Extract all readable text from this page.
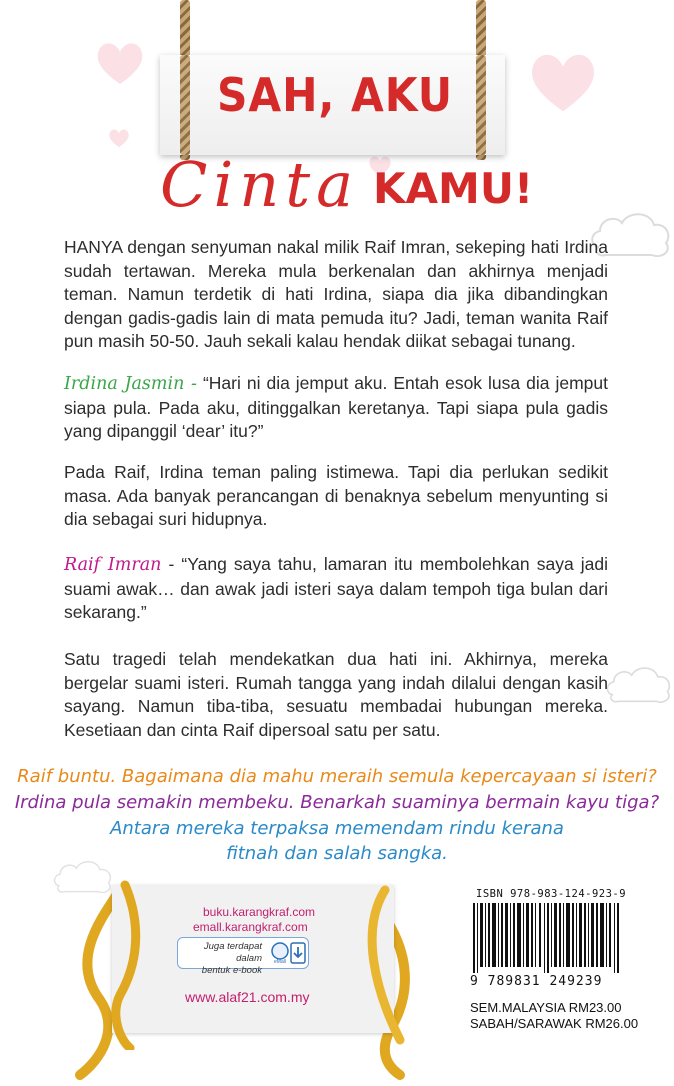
SAH, AKU
Cinta KAMU!
HANYA dengan senyuman nakal milik Raif Imran, sekeping hati Irdina sudah tertawan. Mereka mula berkenalan dan akhirnya menjadi teman. Namun terdetik di hati Irdina, siapa dia jika dibandingkan dengan gadis-gadis lain di mata pemuda itu? Jadi, teman wanita Raif pun masih 50-50. Jauh sekali kalau hendak diikat sebagai tunang.
Irdina Jasmin - “Hari ni dia jemput aku. Entah esok lusa dia jemput siapa pula. Pada aku, ditinggalkan keretanya. Tapi siapa pula gadis yang dipanggil ‘dear’ itu?”
Pada Raif, Irdina teman paling istimewa. Tapi dia perlukan sedikit masa. Ada banyak perancangan di benaknya sebelum menyunting si dia sebagai suri hidupnya.
Raif Imran - “Yang saya tahu, lamaran itu membolehkan saya jadi suami awak… dan awak jadi isteri saya dalam tempoh tiga bulan dari sekarang.”
Satu tragedi telah mendekatkan dua hati ini. Akhirnya, mereka bergelar suami isteri. Rumah tangga yang indah dilalui dengan kasih sayang. Namun tiba-tiba, sesuatu membadai hubungan mereka. Kesetiaan dan cinta Raif dipersoal satu per satu.
Raif buntu. Bagaimana dia mahu meraih semula kepercayaan si isteri?
Irdina pula semakin membeku. Benarkah suaminya bermain kayu tiga?
Antara mereka terpaksa memendam rindu kerana
fitnah dan salah sangka.
buku.karangkraf.com
emall.karangkraf.com
Juga terdapat dalam
bentuk e-book
eMall
www.alaf21.com.my
ISBN 978-983-124-923-9
9 789831 249239
SEM.MALAYSIA RM23.00
SABAH/SARAWAK RM26.00
